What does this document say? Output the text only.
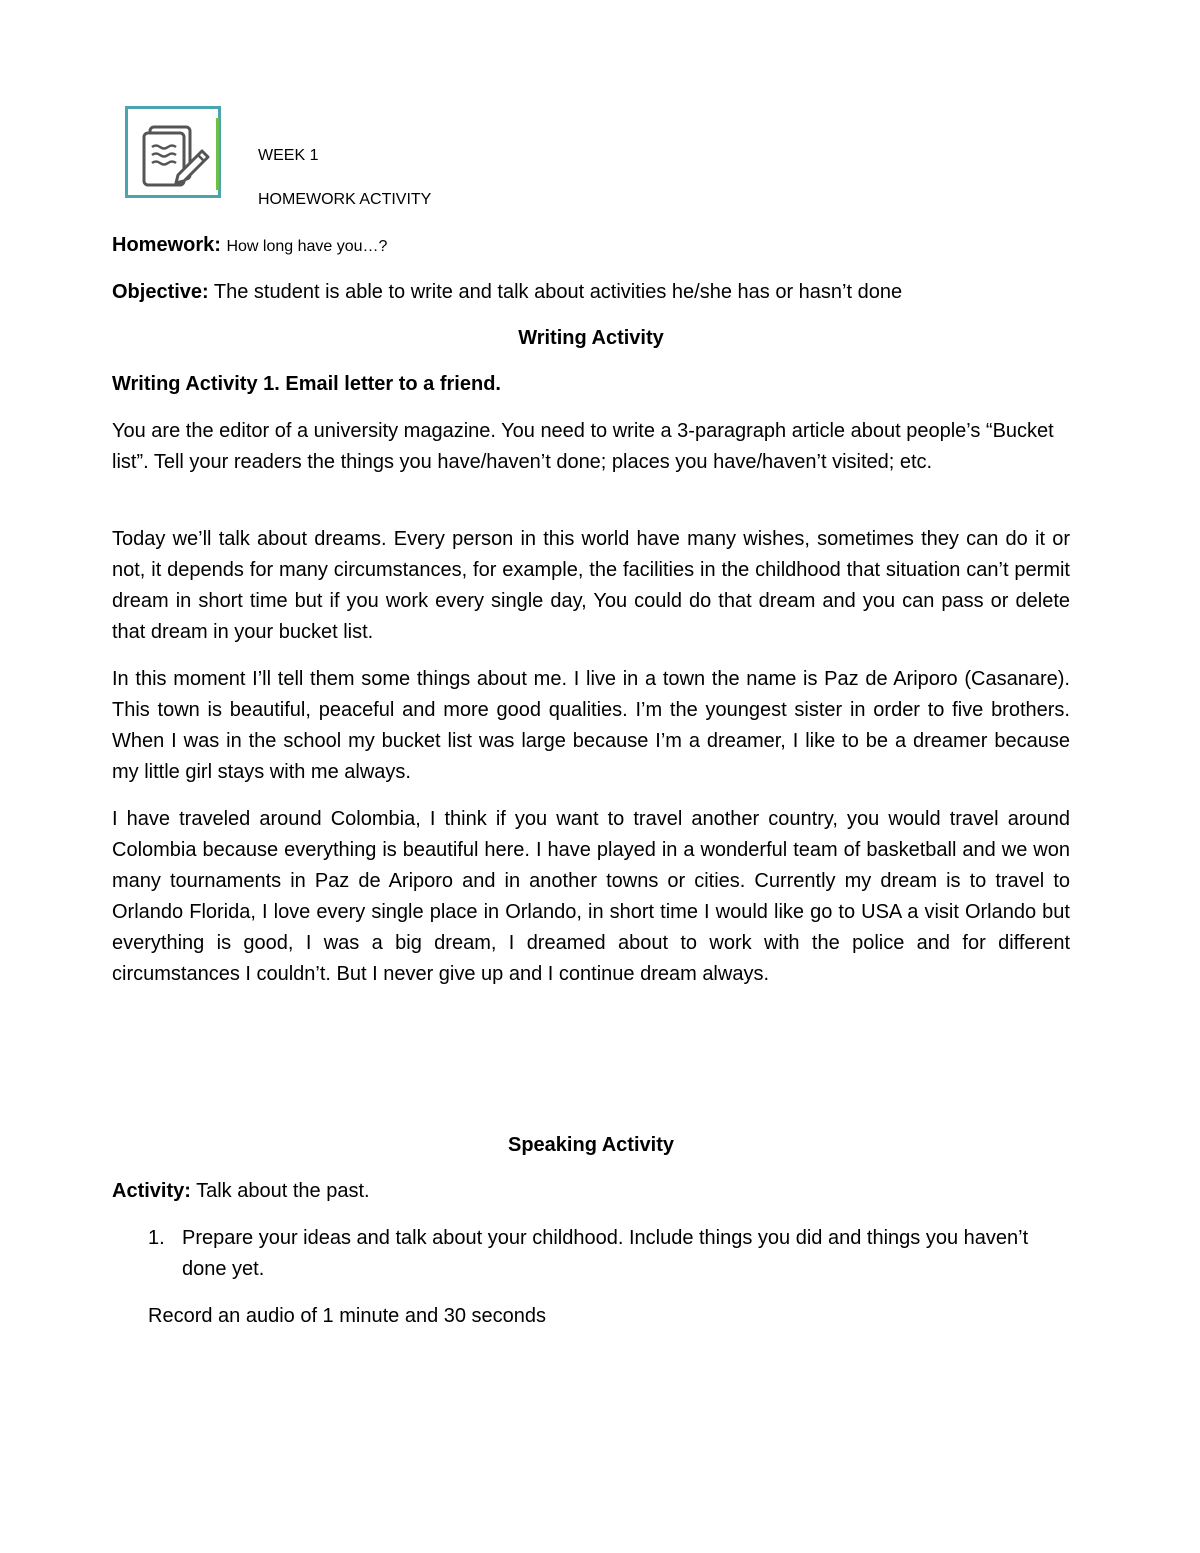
WEEK 1
HOMEWORK ACTIVITY
Homework: How long have you…?
Objective: The student is able to write and talk about activities he/she has or hasn’t done
Writing Activity
Writing Activity 1. Email letter to a friend.

You are the editor of a university magazine. You need to write a 3-paragraph article about people’s “Bucket list”. Tell your readers the things you have/haven’t done; places you have/haven’t visited; etc.

Today we’ll talk about dreams. Every person in this world have many wishes, sometimes they can do it or not, it depends for many circumstances, for example, the facilities in the childhood that situation can’t permit dream in short time but if you work every single day, You could do that dream and you can pass or delete that dream in your bucket list.

In this moment I’ll tell them some things about me. I live in a town the name is Paz de Ariporo (Casanare). This town is beautiful, peaceful and more good qualities. I’m the youngest sister in order to five brothers. When I was in the school my bucket list was large because I’m a dreamer, I like to be a dreamer because my little girl stays with me always.

I have traveled around Colombia, I think if you want to travel another country, you would travel around Colombia because everything is beautiful here. I have played in a wonderful team of basketball and we won many tournaments in Paz de Ariporo and in another towns or cities. Currently my dream is to travel to Orlando Florida, I love every single place in Orlando, in short time I would like go to USA a visit Orlando but everything is good, I was a big dream, I dreamed about to work with the police and for different circumstances I couldn’t. But I never give up and I continue dream always.

Speaking Activity
Activity: Talk about the past.
1. Prepare your ideas and talk about your childhood. Include things you did and things you haven’t done yet.

Record an audio of 1 minute and 30 seconds
